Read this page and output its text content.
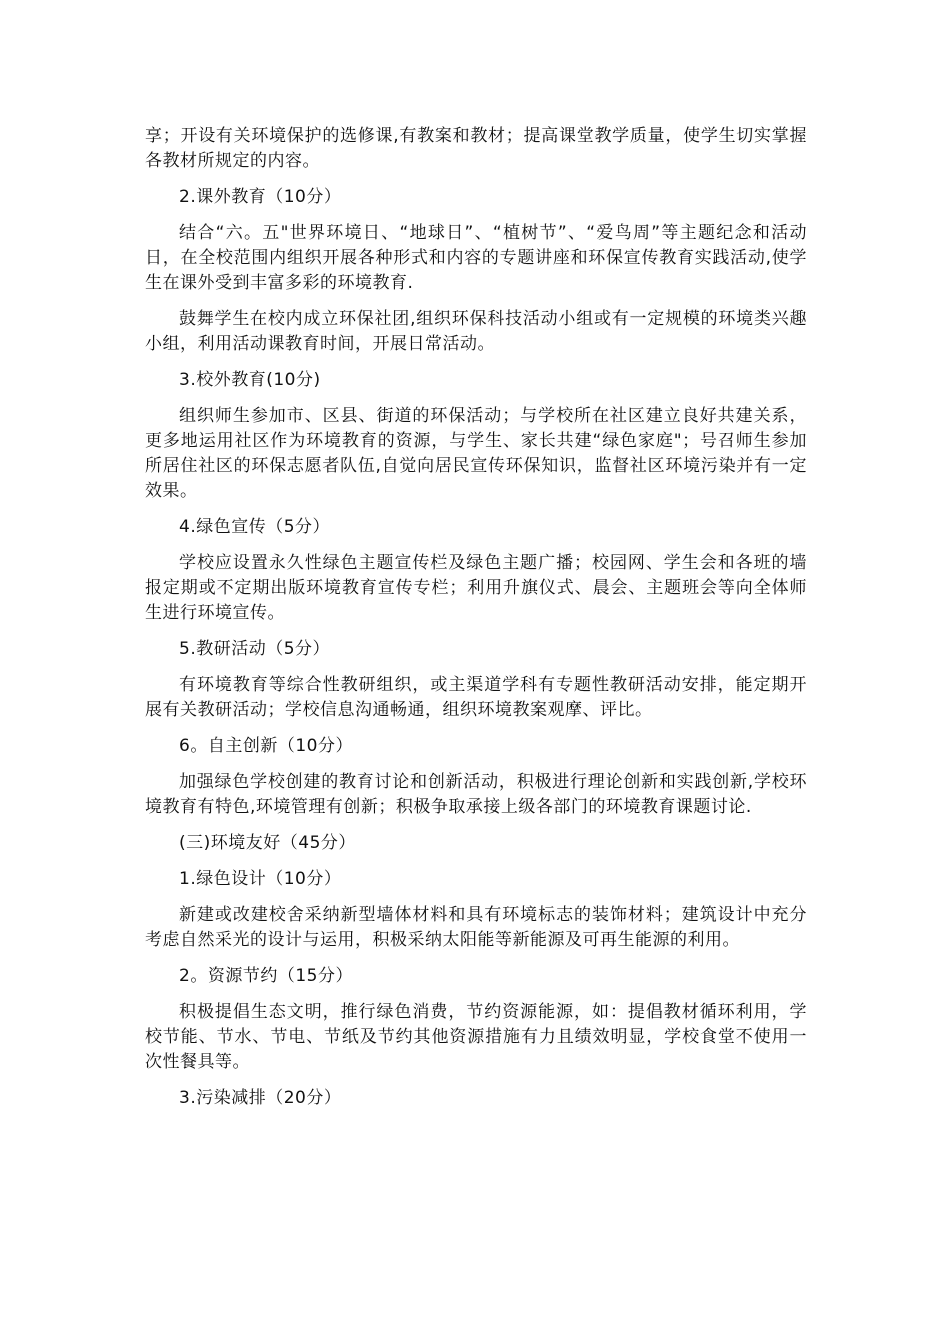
享；开设有关环境保护的选修课,有教案和教材；提高课堂教学质量，使学生切实掌握各教材所规定的内容。

2.课外教育（10分）

结合“六。五"世界环境日、“地球日”、“植树节”、“爱鸟周”等主题纪念和活动日，在全校范围内组织开展各种形式和内容的专题讲座和环保宣传教育实践活动,使学生在课外受到丰富多彩的环境教育.

鼓舞学生在校内成立环保社团,组织环保科技活动小组或有一定规模的环境类兴趣小组，利用活动课教育时间，开展日常活动。

3.校外教育(10分)

组织师生参加市、区县、街道的环保活动；与学校所在社区建立良好共建关系，更多地运用社区作为环境教育的资源，与学生、家长共建“绿色家庭"；号召师生参加所居住社区的环保志愿者队伍,自觉向居民宣传环保知识，监督社区环境污染并有一定效果。

4.绿色宣传（5分）

学校应设置永久性绿色主题宣传栏及绿色主题广播；校园网、学生会和各班的墙报定期或不定期出版环境教育宣传专栏；利用升旗仪式、晨会、主题班会等向全体师生进行环境宣传。

5.教研活动（5分）

有环境教育等综合性教研组织，或主渠道学科有专题性教研活动安排，能定期开展有关教研活动；学校信息沟通畅通，组织环境教案观摩、评比。

6。自主创新（10分）

加强绿色学校创建的教育讨论和创新活动，积极进行理论创新和实践创新,学校环境教育有特色,环境管理有创新；积极争取承接上级各部门的环境教育课题讨论.

(三)环境友好（45分）

1.绿色设计（10分）

新建或改建校舍采纳新型墙体材料和具有环境标志的装饰材料；建筑设计中充分考虑自然采光的设计与运用，积极采纳太阳能等新能源及可再生能源的利用。

2。资源节约（15分）

积极提倡生态文明，推行绿色消费，节约资源能源，如：提倡教材循环利用，学校节能、节水、节电、节纸及节约其他资源措施有力且绩效明显，学校食堂不使用一次性餐具等。

3.污染减排（20分）
